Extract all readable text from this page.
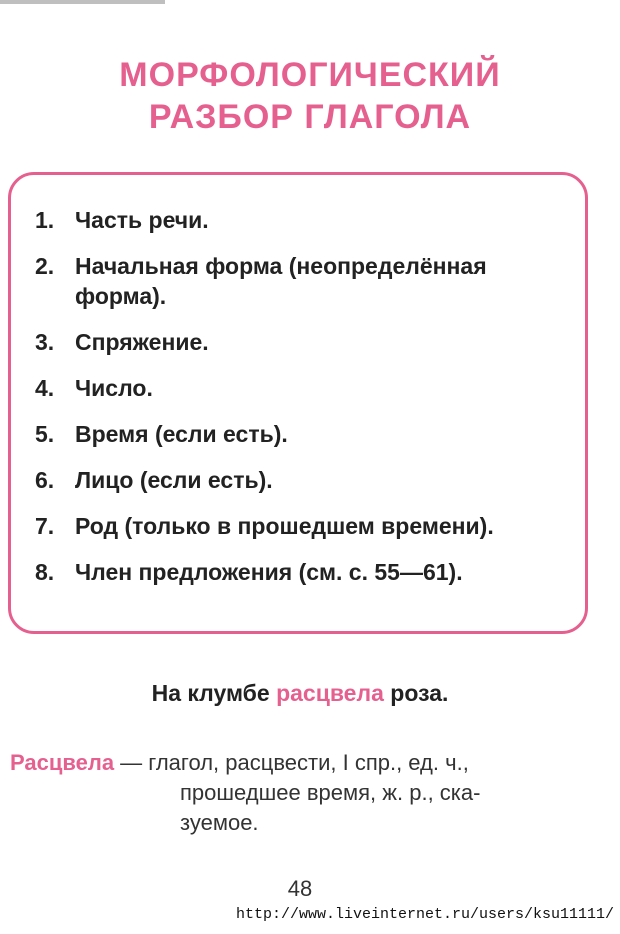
МОРФОЛОГИЧЕСКИЙ
РАЗБОР ГЛАГОЛА
1. Часть речи.
2. Начальная форма (неопределённая форма).
3. Спряжение.
4. Число.
5. Время (если есть).
6. Лицо (если есть).
7. Род (только в прошедшем времени).
8. Член предложения (см. с. 55—61).

На клумбе расцвела роза.

Расцвела — глагол, расцвести, I спр., ед. ч.,
прошедшее время, ж. р., ска-
зуемое.
48
http://www.liveinternet.ru/users/ksu11111/
